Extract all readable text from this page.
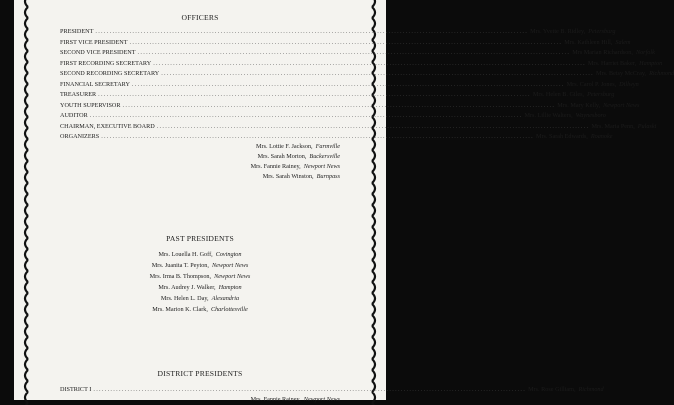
OFFICERS
PRESIDENT ........................................................................................................................................................ Mrs. Yvette B. Ridley, Petersburg
FIRST VICE PRESIDENT ........................................................................................................................................................ Mrs. Kathleen Hill, Salem
SECOND VICE PRESIDENT ........................................................................................................................................................ Mrs Marian Richardson, Norfolk
FIRST RECORDING SECRETARY ........................................................................................................................................................ Mrs. Harriet Baker, Hampton
SECOND RECORDING SECRETARY ........................................................................................................................................................ Mrs. Betsy McCray, Richmond
FINANCIAL SECRETARY ........................................................................................................................................................ Mrs. Carol P. Jones, Dillwyn
TREASURER ........................................................................................................................................................ Mrs. Helen B. Giles, Petersburg
YOUTH SUPERVISOR ........................................................................................................................................................ Mrs. Mary Kelly, Newport News
AUDITOR ........................................................................................................................................................ Mrs. Lillie Walters, Waynesboro
CHAIRMAN, EXECUTIVE BOARD ........................................................................................................................................................ Mrs. Maria Penn, Pulaski
ORGANIZERS ........................................................................................................................................................ Mrs. Sarah Edwards, Roanoke
Mrs. Lottie F. Jackson, Farmville
Mrs. Sarah Morton, Buckersville
Mrs. Fannie Rainey, Newport News
Mrs. Sarah Winston, Burnpass
PAST PRESIDENTS
Mrs. Louella H. Goff, Covington
Mrs. Juanita T. Peyton, Newport News
Mrs. Irma B. Thompson, Newport News
Mrs. Audrey J. Walker, Hampton
Mrs. Helen L. Day, Alexandria
Mrs. Marion K. Clark, Charlottesville
DISTRICT PRESIDENTS
DISTRICT I ........................................................................................................................................................ Mrs. Rose Gilliam, Richmond
Mrs. Fannie Rainey, Newport News
